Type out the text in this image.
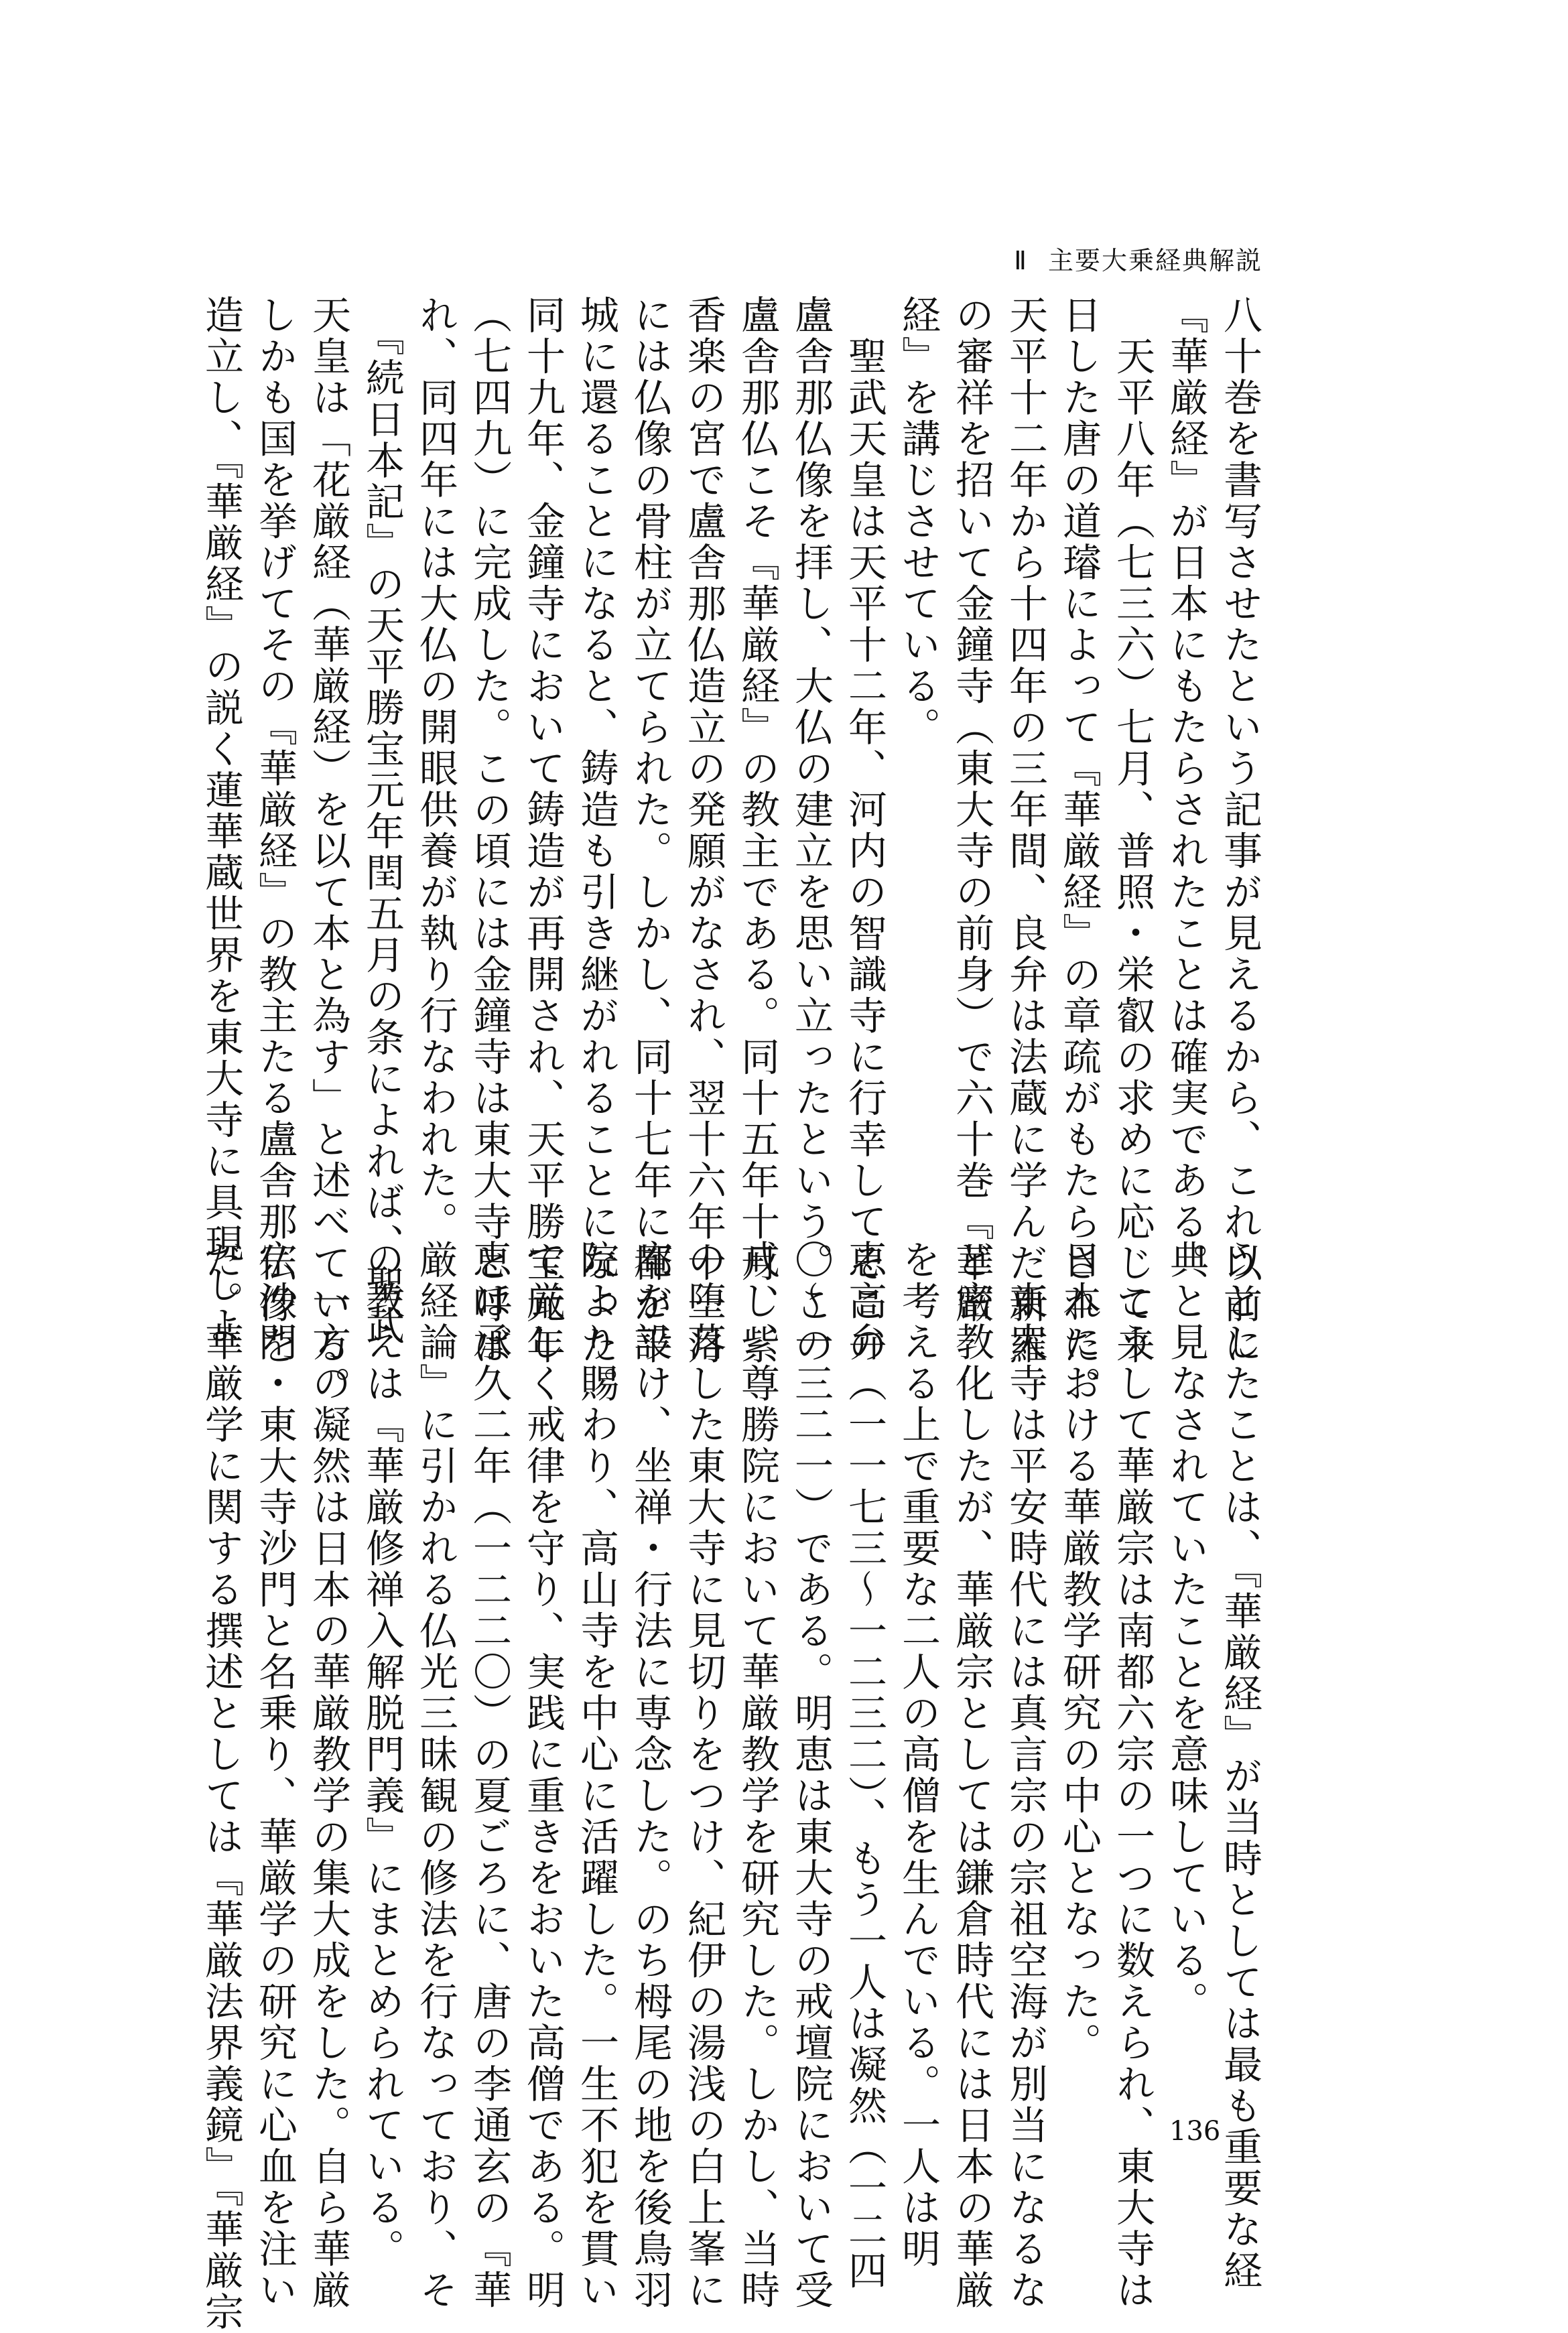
Ⅱ 主要大乗経典解説
八十巻を書写させたという記事が見えるから、これ以前に
『華厳経』が日本にもたらされたことは確実である。
　天平八年（七三六）七月、普照・栄叡の求めに応じて来
日した唐の道璿によって『華厳経』の章疏がもたらされた。
天平十二年から十四年の三年間、良弁は法蔵に学んだ新羅
の審祥を招いて金鐘寺（東大寺の前身）で六十巻『華厳
経』を講じさせている。
　聖武天皇は天平十二年、河内の智識寺に行幸してそこの
盧舎那仏像を拝し、大仏の建立を思い立ったという。この
盧舎那仏こそ『華厳経』の教主である。同十五年十月、紫
香楽の宮で盧舎那仏造立の発願がなされ、翌十六年十一月
には仏像の骨柱が立てられた。しかし、同十七年に都が平
城に還ることになると、鋳造も引き継がれることになった。
同十九年、金鐘寺において鋳造が再開され、天平勝宝元年
（七四九）に完成した。この頃には金鐘寺は東大寺と呼ば
れ、同四年には大仏の開眼供養が執り行なわれた。
　『続日本記』の天平勝宝元年閏五月の条によれば、聖武
天皇は「花厳経（華厳経）を以て本と為す」と述べている。
しかも国を挙げてその『華厳経』の教主たる盧舎那仏像を
造立し、『華厳経』の説く蓮華蔵世界を東大寺に具現しよ
うとしたことは、『華厳経』が当時としては最も重要な経
典と見なされていたことを意味している。
　こうして華厳宗は南都六宗の一つに数えられ、東大寺は
日本における華厳教学研究の中心となった。
　東大寺は平安時代には真言宗の宗祖空海が別当になるな
ど密教化したが、華厳宗としては鎌倉時代には日本の華厳
を考える上で重要な二人の高僧を生んでいる。一人は明
恵高弁（一一七三～一二三二）、もう一人は凝然（一二四
〇～一三二一）である。明恵は東大寺の戒壇院において受
戒し、尊勝院において華厳教学を研究した。しかし、当時
の堕落した東大寺に見切りをつけ、紀伊の湯浅の白上峯に
庵を設け、坐禅・行法に専念した。のち栂尾の地を後鳥羽
院より賜わり、高山寺を中心に活躍した。一生不犯を貫い
て厳しく戒律を守り、実践に重きをおいた高僧である。明
恵は承久二年（一二二〇）の夏ごろに、唐の李通玄の『華
厳経論』に引かれる仏光三昧観の修法を行なっており、そ
の教えは『華厳修禅入解脱門義』にまとめられている。
　一方の凝然は日本の華厳教学の集大成をした。自ら華厳
宗沙門・東大寺沙門と名乗り、華厳学の研究に心血を注い
だ。華厳学に関する撰述としては『華厳法界義鏡』『華厳宗	136
